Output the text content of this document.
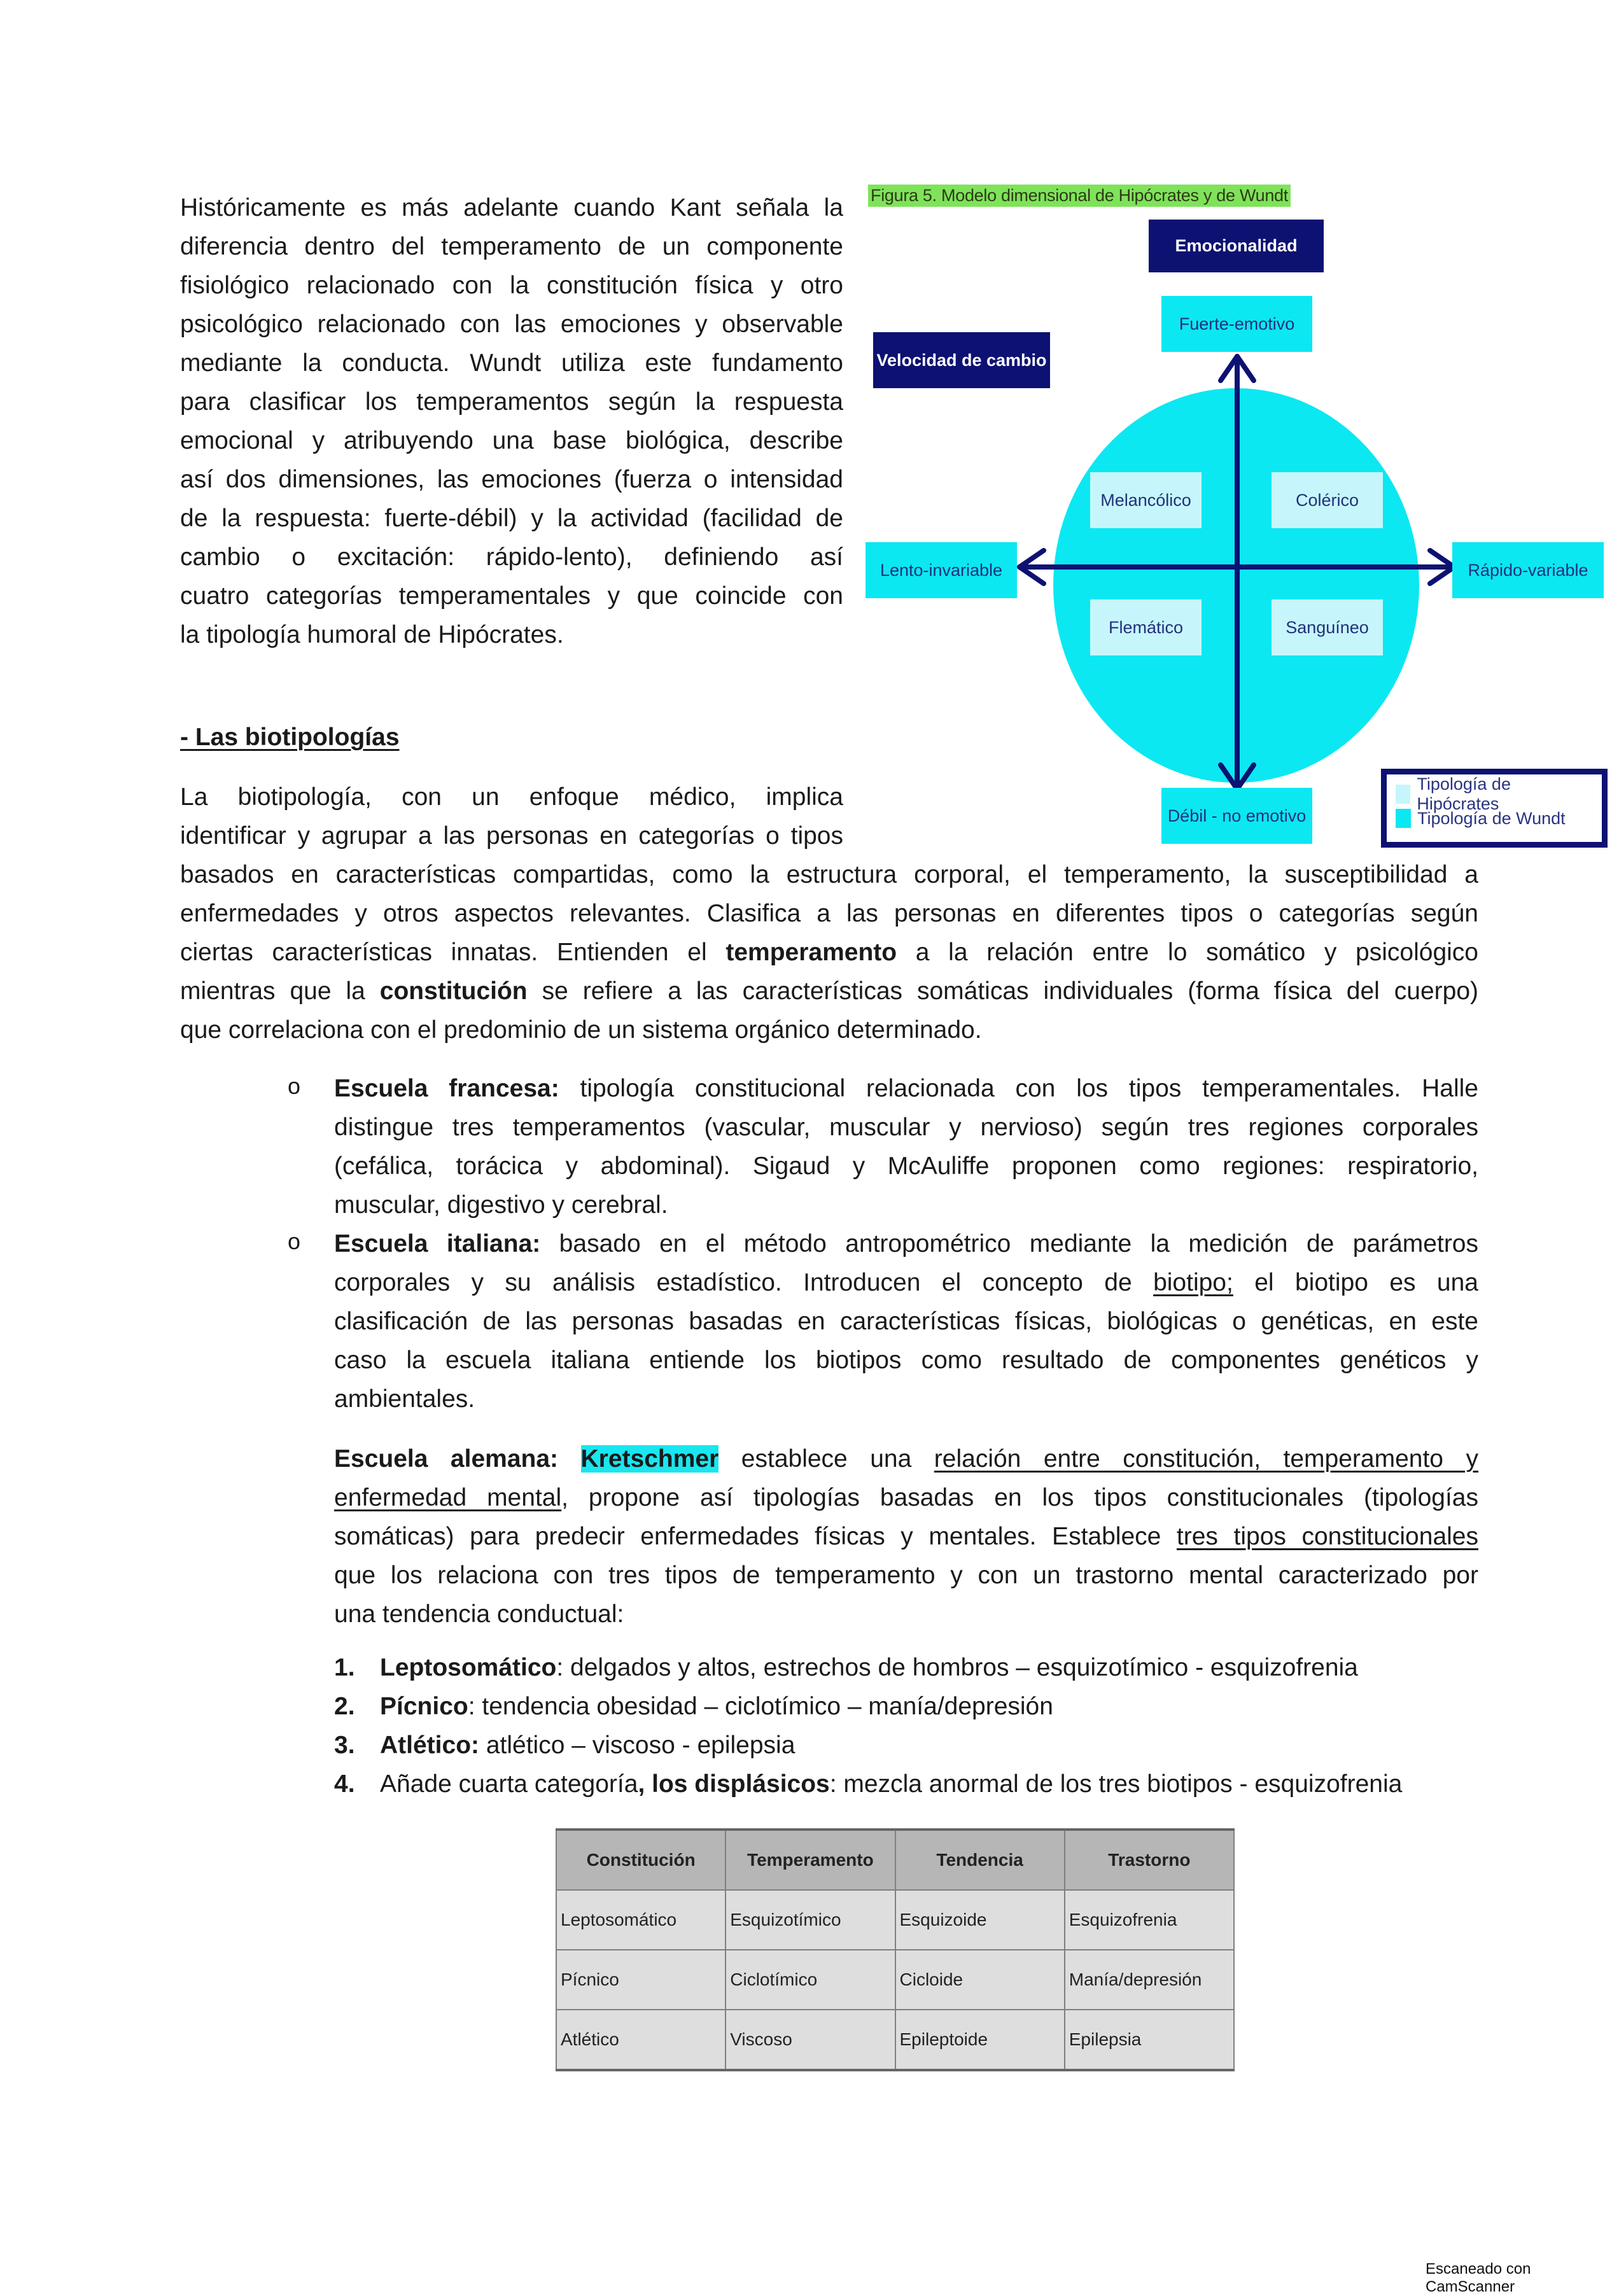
Históricamente es más adelante cuando Kant señala la
diferencia dentro del temperamento de un componente
fisiológico relacionado con la constitución física y otro
psicológico relacionado con las emociones y observable
mediante la conducta. Wundt utiliza este fundamento
para clasificar los temperamentos según la respuesta
emocional y atribuyendo una base biológica, describe
así dos dimensiones, las emociones (fuerza o intensidad
de la respuesta: fuerte-débil) y la actividad (facilidad de
cambio o excitación: rápido-lento), definiendo así
cuatro categorías temperamentales y que coincide con
la tipología humoral de Hipócrates.
Figura 5. Modelo dimensional de Hipócrates y de Wundt
Emocionalidad
Velocidad de cambio
Fuerte-emotivo
Débil - no emotivo
Lento-invariable	Rápido-variable
Melancólico	Colérico
Flemático	Sanguíneo
Tipología de Hipócrates
Tipología de Wundt
- Las biotipologías
La biotipología, con un enfoque médico, implica
identificar y agrupar a las personas en categorías o tipos
basados en características compartidas, como la estructura corporal, el temperamento, la susceptibilidad a
enfermedades y otros aspectos relevantes. Clasifica a las personas en diferentes tipos o categorías según
ciertas características innatas. Entienden el temperamento a la relación entre lo somático y psicológico
mientras que la constitución se refiere a las características somáticas individuales (forma física del cuerpo)
que correlaciona con el predominio de un sistema orgánico determinado.
o Escuela francesa: tipología constitucional relacionada con los tipos temperamentales. Halle
distingue tres temperamentos (vascular, muscular y nervioso) según tres regiones corporales
(cefálica, torácica y abdominal). Sigaud y McAuliffe proponen como regiones: respiratorio,
muscular, digestivo y cerebral.
o Escuela italiana: basado en el método antropométrico mediante la medición de parámetros
corporales y su análisis estadístico. Introducen el concepto de biotipo; el biotipo es una
clasificación de las personas basadas en características físicas, biológicas o genéticas, en este
caso la escuela italiana entiende los biotipos como resultado de componentes genéticos y
ambientales.
Escuela alemana: Kretschmer establece una relación entre constitución, temperamento y
enfermedad mental, propone así tipologías basadas en los tipos constitucionales (tipologías
somáticas) para predecir enfermedades físicas y mentales. Establece tres tipos constitucionales
que los relaciona con tres tipos de temperamento y con un trastorno mental caracterizado por
una tendencia conductual:
1. Leptosomático: delgados y altos, estrechos de hombros – esquizotímico - esquizofrenia
2. Pícnico: tendencia obesidad – ciclotímico – manía/depresión
3. Atlético: atlético – viscoso - epilepsia
4. Añade cuarta categoría, los displásicos: mezcla anormal de los tres biotipos - esquizofrenia
Constitución	Temperamento	Tendencia	Trastorno
Leptosomático	Esquizotímico	Esquizoide	Esquizofrenia
Pícnico	Ciclotímico	Cicloide	Manía/depresión
Atlético	Viscoso	Epileptoide	Epilepsia
Escaneado con CamScanner
